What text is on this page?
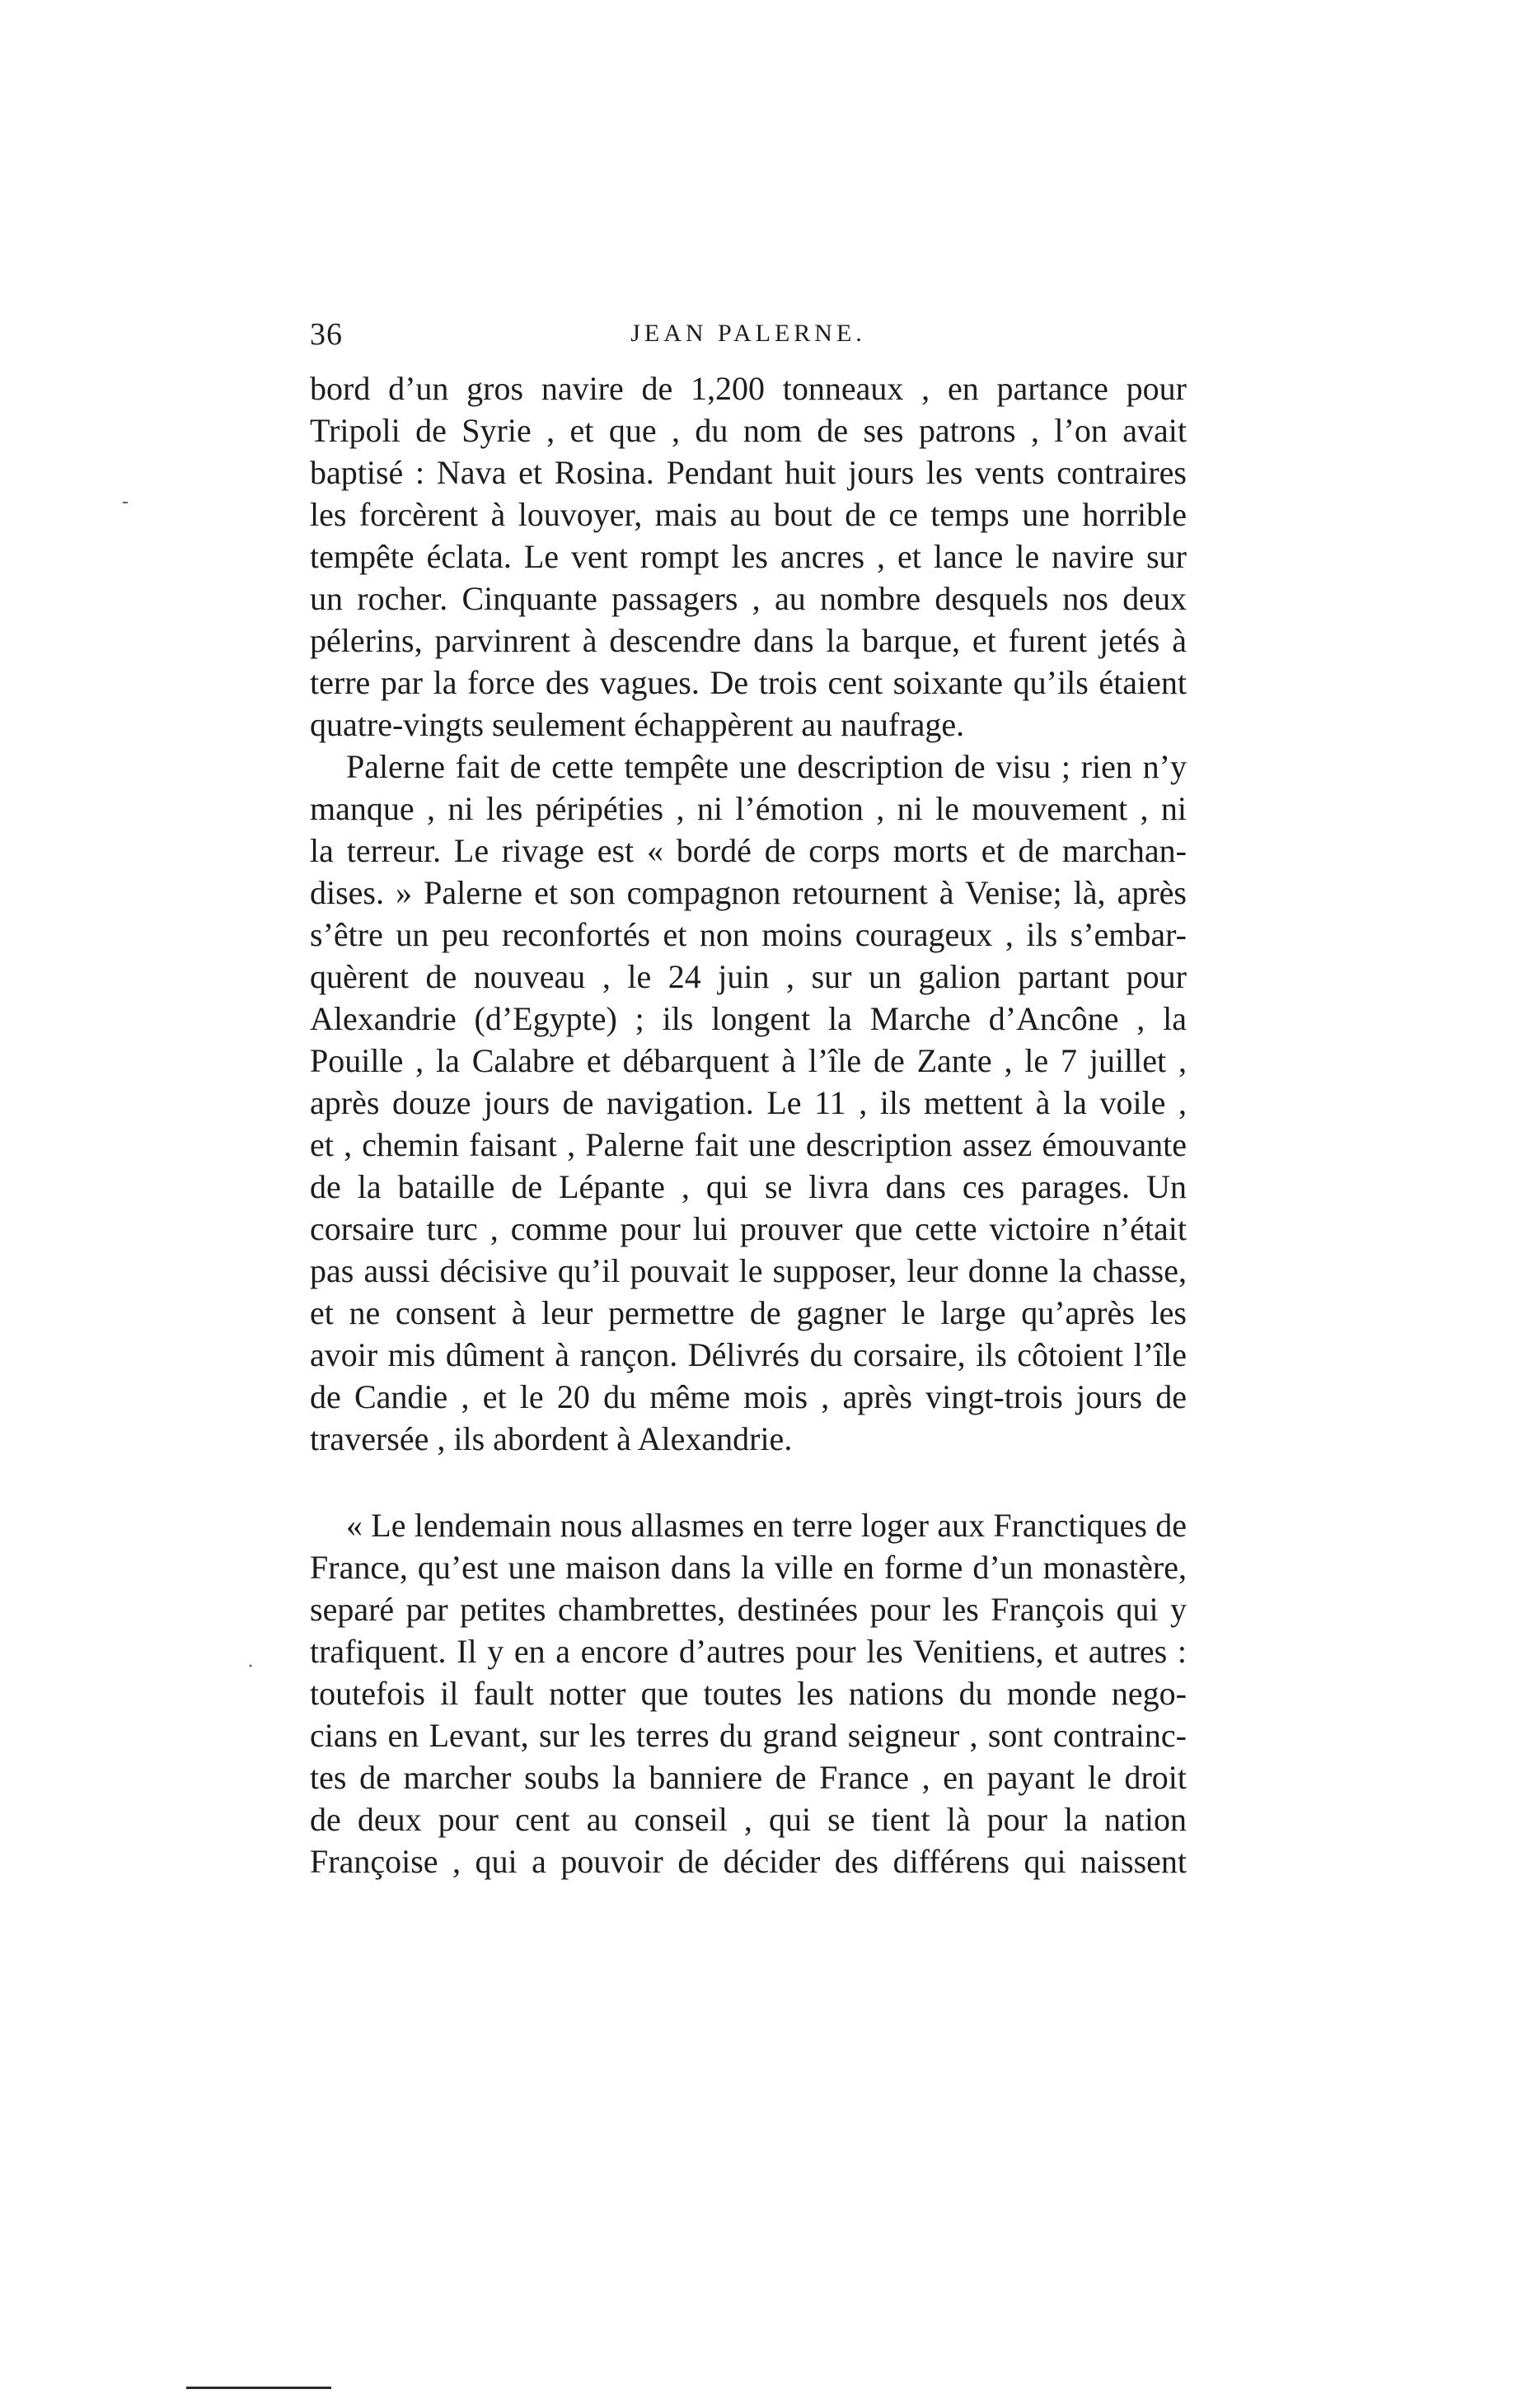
36	JEAN PALERNE.
-
·
bord d’un gros navire de 1,200 tonneaux , en partance pour
Tripoli de Syrie , et que , du nom de ses patrons , l’on avait
baptisé : Nava et Rosina. Pendant huit jours les vents contraires
les forcèrent à louvoyer, mais au bout de ce temps une horrible
tempête éclata. Le vent rompt les ancres , et lance le navire sur
un rocher. Cinquante passagers , au nombre desquels nos deux
pélerins, parvinrent à descendre dans la barque, et furent jetés à
terre par la force des vagues. De trois cent soixante qu’ils étaient
quatre-vingts seulement échappèrent au naufrage.
Palerne fait de cette tempête une description de visu ; rien n’y
manque , ni les péripéties , ni l’émotion , ni le mouvement , ni
la terreur. Le rivage est « bordé de corps morts et de marchan-
dises. » Palerne et son compagnon retournent à Venise; là, après
s’être un peu reconfortés et non moins courageux , ils s’embar-
quèrent de nouveau , le 24 juin , sur un galion partant pour
Alexandrie (d’Egypte) ; ils longent la Marche d’Ancône , la
Pouille , la Calabre et débarquent à l’île de Zante , le 7 juillet ,
après douze jours de navigation. Le 11 , ils mettent à la voile ,
et , chemin faisant , Palerne fait une description assez émouvante
de la bataille de Lépante , qui se livra dans ces parages. Un
corsaire turc , comme pour lui prouver que cette victoire n’était
pas aussi décisive qu’il pouvait le supposer, leur donne la chasse,
et ne consent à leur permettre de gagner le large qu’après les
avoir mis dûment à rançon. Délivrés du corsaire, ils côtoient l’île
de Candie , et le 20 du même mois , après vingt-trois jours de
traversée , ils abordent à Alexandrie.
« Le lendemain nous allasmes en terre loger aux Franctiques de
France, qu’est une maison dans la ville en forme d’un monastère,
separé par petites chambrettes, destinées pour les François qui y
trafiquent. Il y en a encore d’autres pour les Venitiens, et autres :
toutefois il fault notter que toutes les nations du monde nego-
cians en Levant, sur les terres du grand seigneur , sont contrainc-
tes de marcher soubs la banniere de France , en payant le droit
de deux pour cent au conseil , qui se tient là pour la nation
Françoise , qui a pouvoir de décider des différens qui naissent
